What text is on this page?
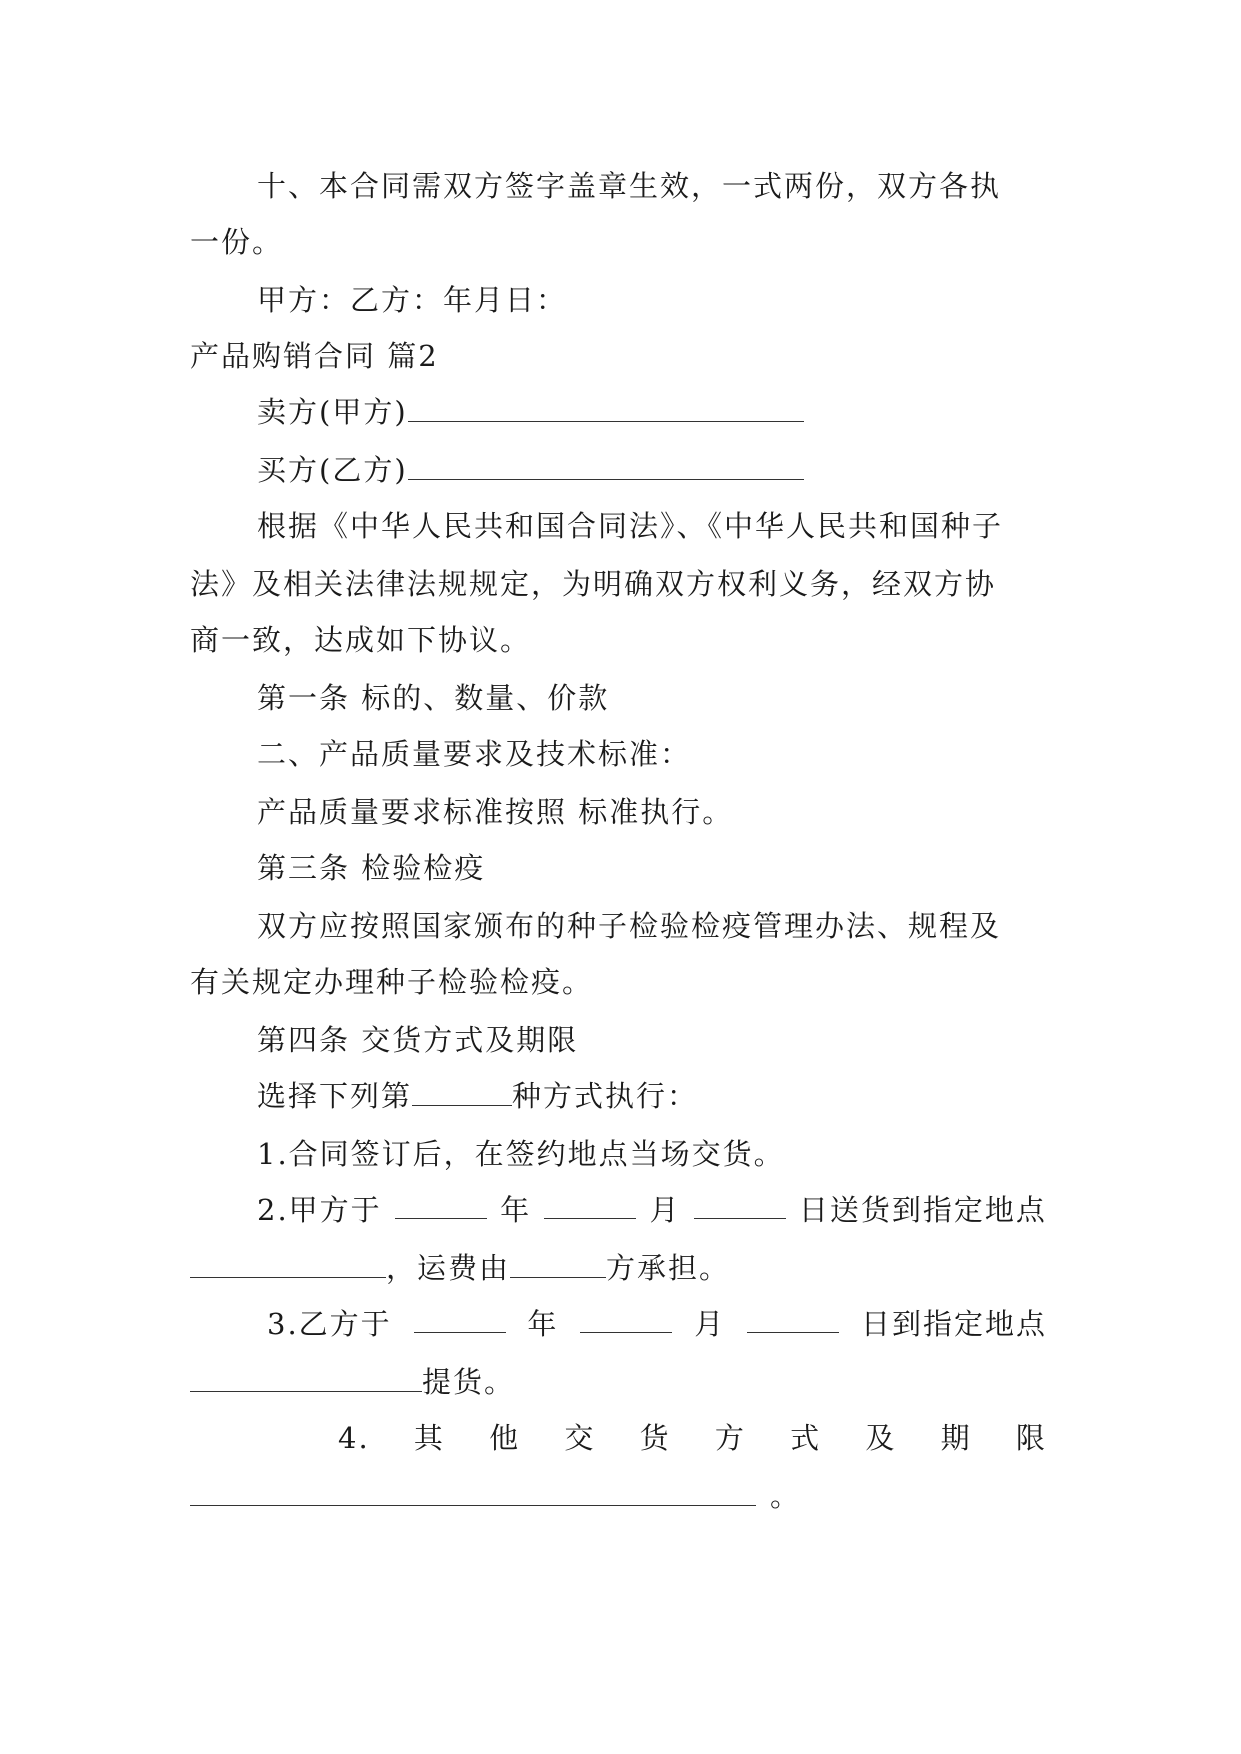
十、本合同需双方签字盖章生效，一式两份，双方各执
一份。
甲方：乙方：年月日：
产品购销合同 篇2
卖方(甲方)
买方(乙方)
根据《中华人民共和国合同法》、《中华人民共和国种子
法》及相关法律法规规定，为明确双方权利义务，经双方协
商一致，达成如下协议。
第一条 标的、数量、价款
二、产品质量要求及技术标准：
产品质量要求标准按照 标准执行。
第三条 检验检疫
双方应按照国家颁布的种子检验检疫管理办法、规程及
有关规定办理种子检验检疫。
第四条 交货方式及期限
选择下列第	种方式执行：
1.合同签订后，在签约地点当场交货。
2.甲方于	年	月	日送货到指定地点
，运费由	方承担。
3.乙方于	年	月	日到指定地点
提货。
4. 其 他 交 货 方 式 及 期 限
。
